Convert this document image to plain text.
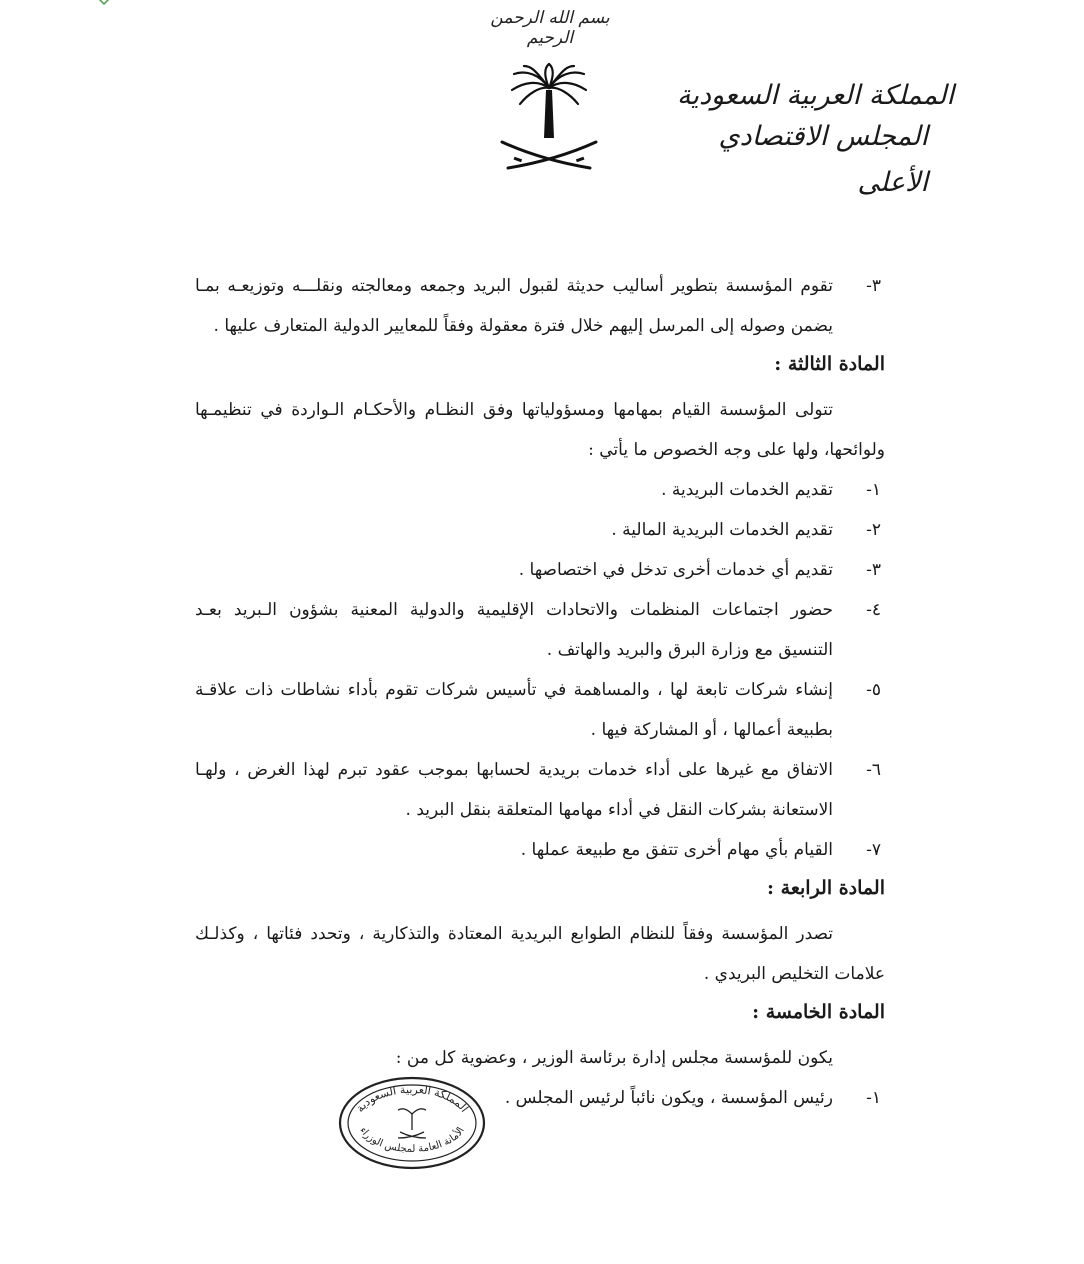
بسم الله الرحمن الرحيم
المملكة العربية السعودية
المجلس الاقتصادي الأعلى
٣-
تقوم المؤسسة بتطوير أساليب حديثة لقبول البريد وجمعه ومعالجته ونقلـــه وتوزيعـه بمـا
يضمن وصوله إلى المرسل إليهم خلال فترة معقولة وفقاً للمعايير الدولية المتعارف عليها .
المادة الثالثة :
تتولى المؤسسة القيام بمهامها ومسؤولياتها وفق النظـام والأحكـام الـواردة في تنظيمـها
ولوائحها، ولها على وجه الخصوص ما يأتي :
١-
تقديم الخدمات البريدية .
٢-
تقديم الخدمات البريدية المالية .
٣-
تقديم أي خدمات أخرى تدخل في اختصاصها .
٤-
حضور اجتماعات المنظمات والاتحادات الإقليمية والدولية المعنية بشؤون الـبريد بعـد
التنسيق مع وزارة البرق والبريد والهاتف .
٥-
إنشاء شركات تابعة لها ، والمساهمة في تأسيس شركات تقوم بأداء نشاطات ذات علاقـة
بطبيعة أعمالها ، أو المشاركة فيها .
٦-
الاتفاق مع غيرها على أداء خدمات بريدية لحسابها بموجب عقود تبرم لهذا الغرض ، ولهـا
الاستعانة بشركات النقل في أداء مهامها المتعلقة بنقل البريد .
٧-
القيام بأي مهام أخرى تتفق مع طبيعة عملها .
المادة الرابعة :
تصدر المؤسسة وفقاً للنظام الطوابع البريدية المعتادة والتذكارية ، وتحدد فئاتها ، وكذلـك
علامات التخليص البريدي .
المادة الخامسة :
يكون للمؤسسة مجلس إدارة برئاسة الوزير ، وعضوية كل من :
١-
رئيس المؤسسة ، ويكون نائباً لرئيس المجلس .
المملكة العربية السعودية
الأمانة العامة لمجلس الوزراء
